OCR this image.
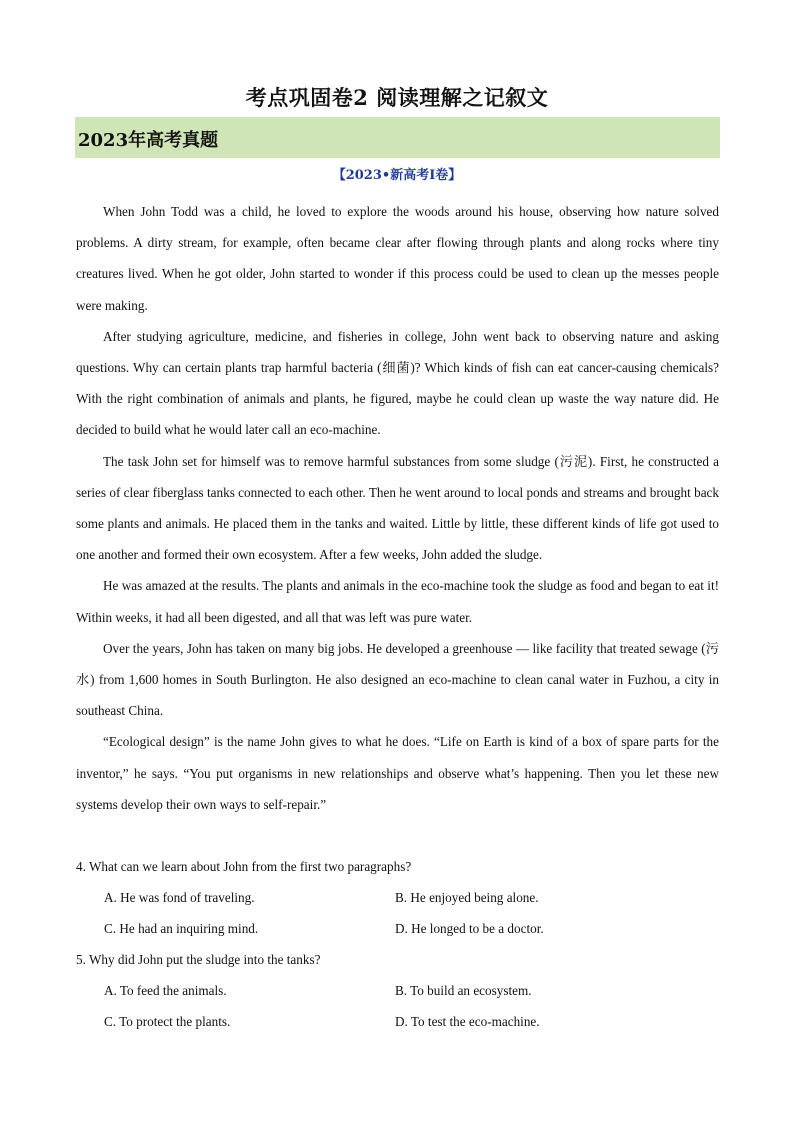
考点巩固卷2 阅读理解之记叙文
2023年高考真题
【2023•新高考I卷】

When John Todd was a child, he loved to explore the woods around his house, observing how nature solved problems. A dirty stream, for example, often became clear after flowing through plants and along rocks where tiny creatures lived. When he got older, John started to wonder if this process could be used to clean up the messes people were making.

After studying agriculture, medicine, and fisheries in college, John went back to observing nature and asking questions. Why can certain plants trap harmful bacteria (细菌)? Which kinds of fish can eat cancer-causing chemicals? With the right combination of animals and plants, he figured, maybe he could clean up waste the way nature did. He decided to build what he would later call an eco-machine.

The task John set for himself was to remove harmful substances from some sludge (污泥). First, he constructed a series of clear fiberglass tanks connected to each other. Then he went around to local ponds and streams and brought back some plants and animals. He placed them in the tanks and waited. Little by little, these different kinds of life got used to one another and formed their own ecosystem. After a few weeks, John added the sludge.

He was amazed at the results. The plants and animals in the eco-machine took the sludge as food and began to eat it! Within weeks, it had all been digested, and all that was left was pure water.

Over the years, John has taken on many big jobs. He developed a greenhouse — like facility that treated sewage (污水) from 1,600 homes in South Burlington. He also designed an eco-machine to clean canal water in Fuzhou, a city in southeast China.

“Ecological design” is the name John gives to what he does. “Life on Earth is kind of a box of spare parts for the inventor,” he says. “You put organisms in new relationships and observe what’s happening. Then you let these new systems develop their own ways to self-repair.”

4. What can we learn about John from the first two paragraphs?

A. He was fond of traveling.	B. He enjoyed being alone.
C. He had an inquiring mind.	D. He longed to be a doctor.

5. Why did John put the sludge into the tanks?

A. To feed the animals.	B. To build an ecosystem.
C. To protect the plants.	D. To test the eco-machine.
